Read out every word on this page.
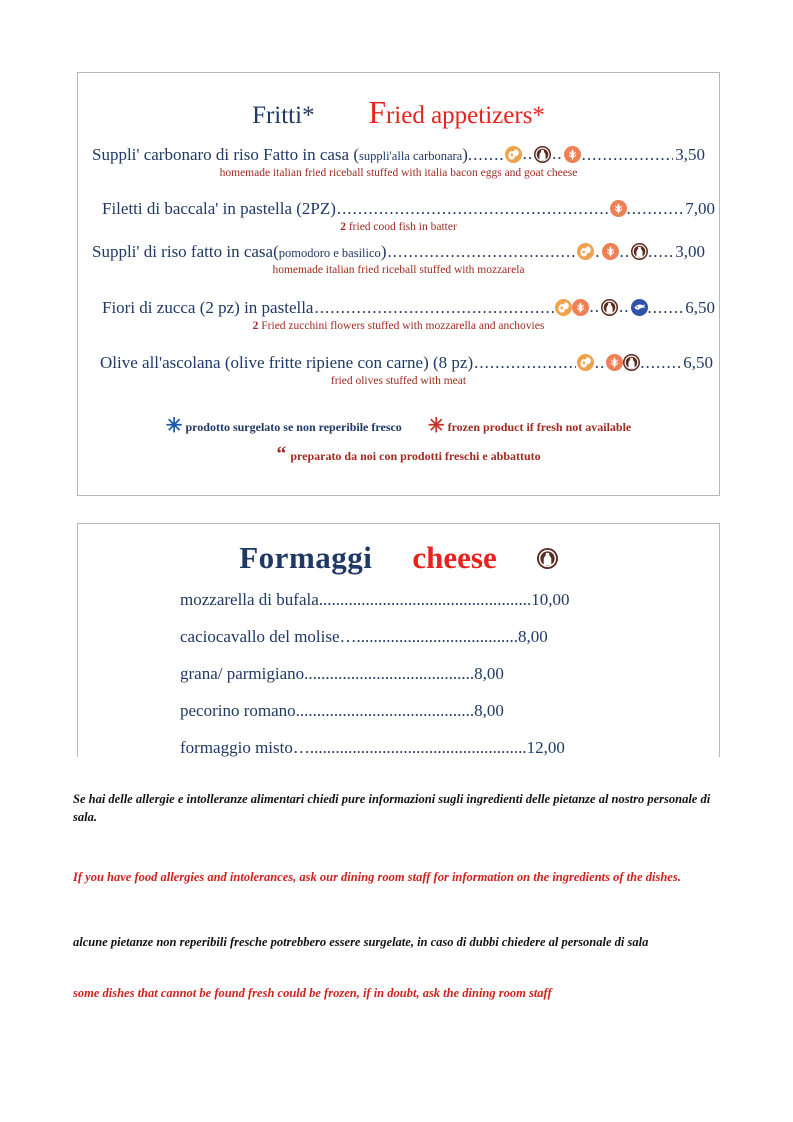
Fritti* Fried appetizers*
Suppli' carbonaro di riso Fatto in casa ( suppli'alla carbonara ) ....... .. .. .....	3,50
homemade italian fried riceball stuffed with italia bacon eggs and goat cheese
Filetti di baccala' in pastella (2PZ) .....	........... 7,00
2 fried cood fish in batter
Suppli' di riso fatto in casa( pomodoro e basilico ) .....	. .. ..... 3,00
homemade italian fried riceball stuffed with mozzarela
Fiori di zucca (2 pz) in pastella .....	.. .. ....... 6,50
2 Fried zucchini flowers stuffed with mozzarella and anchovies
Olive all'ascolana (olive fritte ripiene con carne) (8 pz) .....	.. ........ 6,50
fried olives stuffed with meat
✳ prodotto surgelato se non reperibile fresco ✳ frozen product if fresh not available
“ preparato da noi con prodotti freschi e abbattuto
Formaggi cheese
mozzarella di bufala .................................................. 10,00
caciocavallo del molise …...................................... 8,00
grana/ parmigiano ........................................ 8,00
pecorino romano .......................................... 8,00
formaggio misto …................................................... 12,00
Se hai delle allergie e intolleranze alimentari chiedi pure informazioni sugli ingredienti delle pietanze al nostro personale di sala.
If you have food allergies and intolerances, ask our dining room staff for information on the ingredients of the dishes.
alcune pietanze non reperibili fresche potrebbero essere surgelate, in caso di dubbi chiedere al personale di sala
some dishes that cannot be found fresh could be frozen, if in doubt, ask the dining room staff
